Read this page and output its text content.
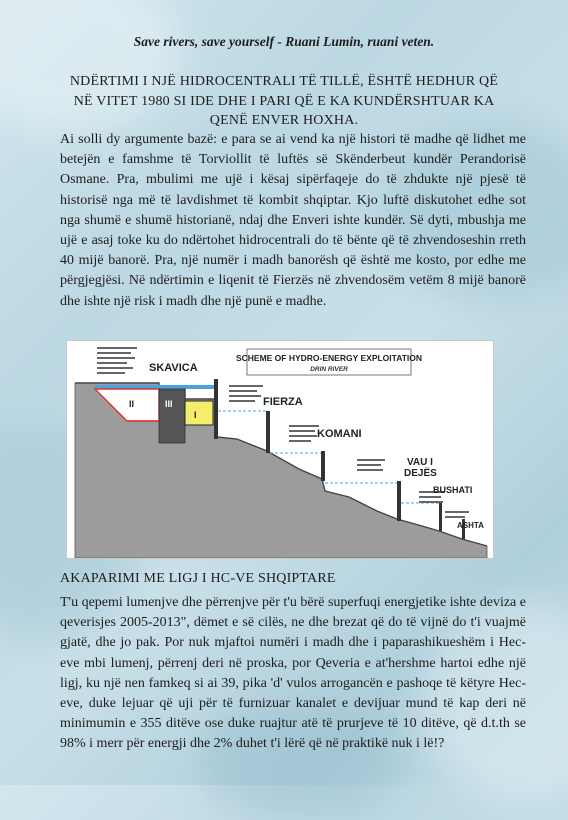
Save rivers, save yourself - Ruani Lumin, ruani veten.
NDËRTIMI I NJË HIDROCENTRALI TË TILLË, ËSHTË HEDHUR QË NË VITET 1980 SI IDE DHE I PARI QË E KA KUNDËRSHTUAR KA QENË ENVER HOXHA.
Ai solli dy argumente bazë: e para se ai vend ka një histori të madhe që lidhet me betejën e famshme të Torviollit të luftës së Skënderbeut kundër Perandorisë Osmane. Pra, mbulimi me ujë i kësaj sipërfaqeje do të zhdukte një pjesë të historisë nga më të lavdishmet të kombit shqiptar. Kjo luftë diskutohet edhe sot nga shumë e shumë historianë, ndaj dhe Enveri ishte kundër. Së dyti, mbushja me ujë e asaj toke ku do ndërtohet hidrocentrali do të bënte që të zhvendoseshin rreth 40 mijë banorë. Pra, një numër i madh banorësh që është me kosto, por edhe me përgjegjësi. Në ndërtimin e liqenit të Fierzës në zhvendosëm vetëm 8 mijë banorë dhe ishte një risk i madh dhe një punë e madhe.
SCHEME OF HYDRO-ENERGY EXPLOITATION
DRIN RIVER
II	III
I
SKAVICA
FIERZA
KOMANI
VAU I DEJËS
BUSHATI
ASHTA
AKAPARIMI ME LIGJ I HC-VE SHQIPTARE
T'u qepemi lumenjve dhe përrenjve për t'u bërë superfuqi energjetike ishte deviza e qeverisjes 2005-2013", dëmet e së cilës, ne dhe brezat që do të vijnë do t'i vuajmë gjatë, dhe jo pak. Por nuk mjaftoi numëri i madh dhe i paparashikueshëm i Hec-eve mbi lumenj, përrenj deri në proska, por Qeveria e at'hershme hartoi edhe një ligj, ku një nen famkeq si ai 39, pika 'd' vulos arrogancën e pashoqe të këtyre Hec-eve, duke lejuar që uji për të furnizuar kanalet e devijuar mund të kap deri në minimumin e 355 ditëve ose duke ruajtur atë të prurjeve të 10 ditëve, që d.t.th se 98% i merr për energji dhe 2% duhet t'i lërë që në praktikë nuk i lë!?
